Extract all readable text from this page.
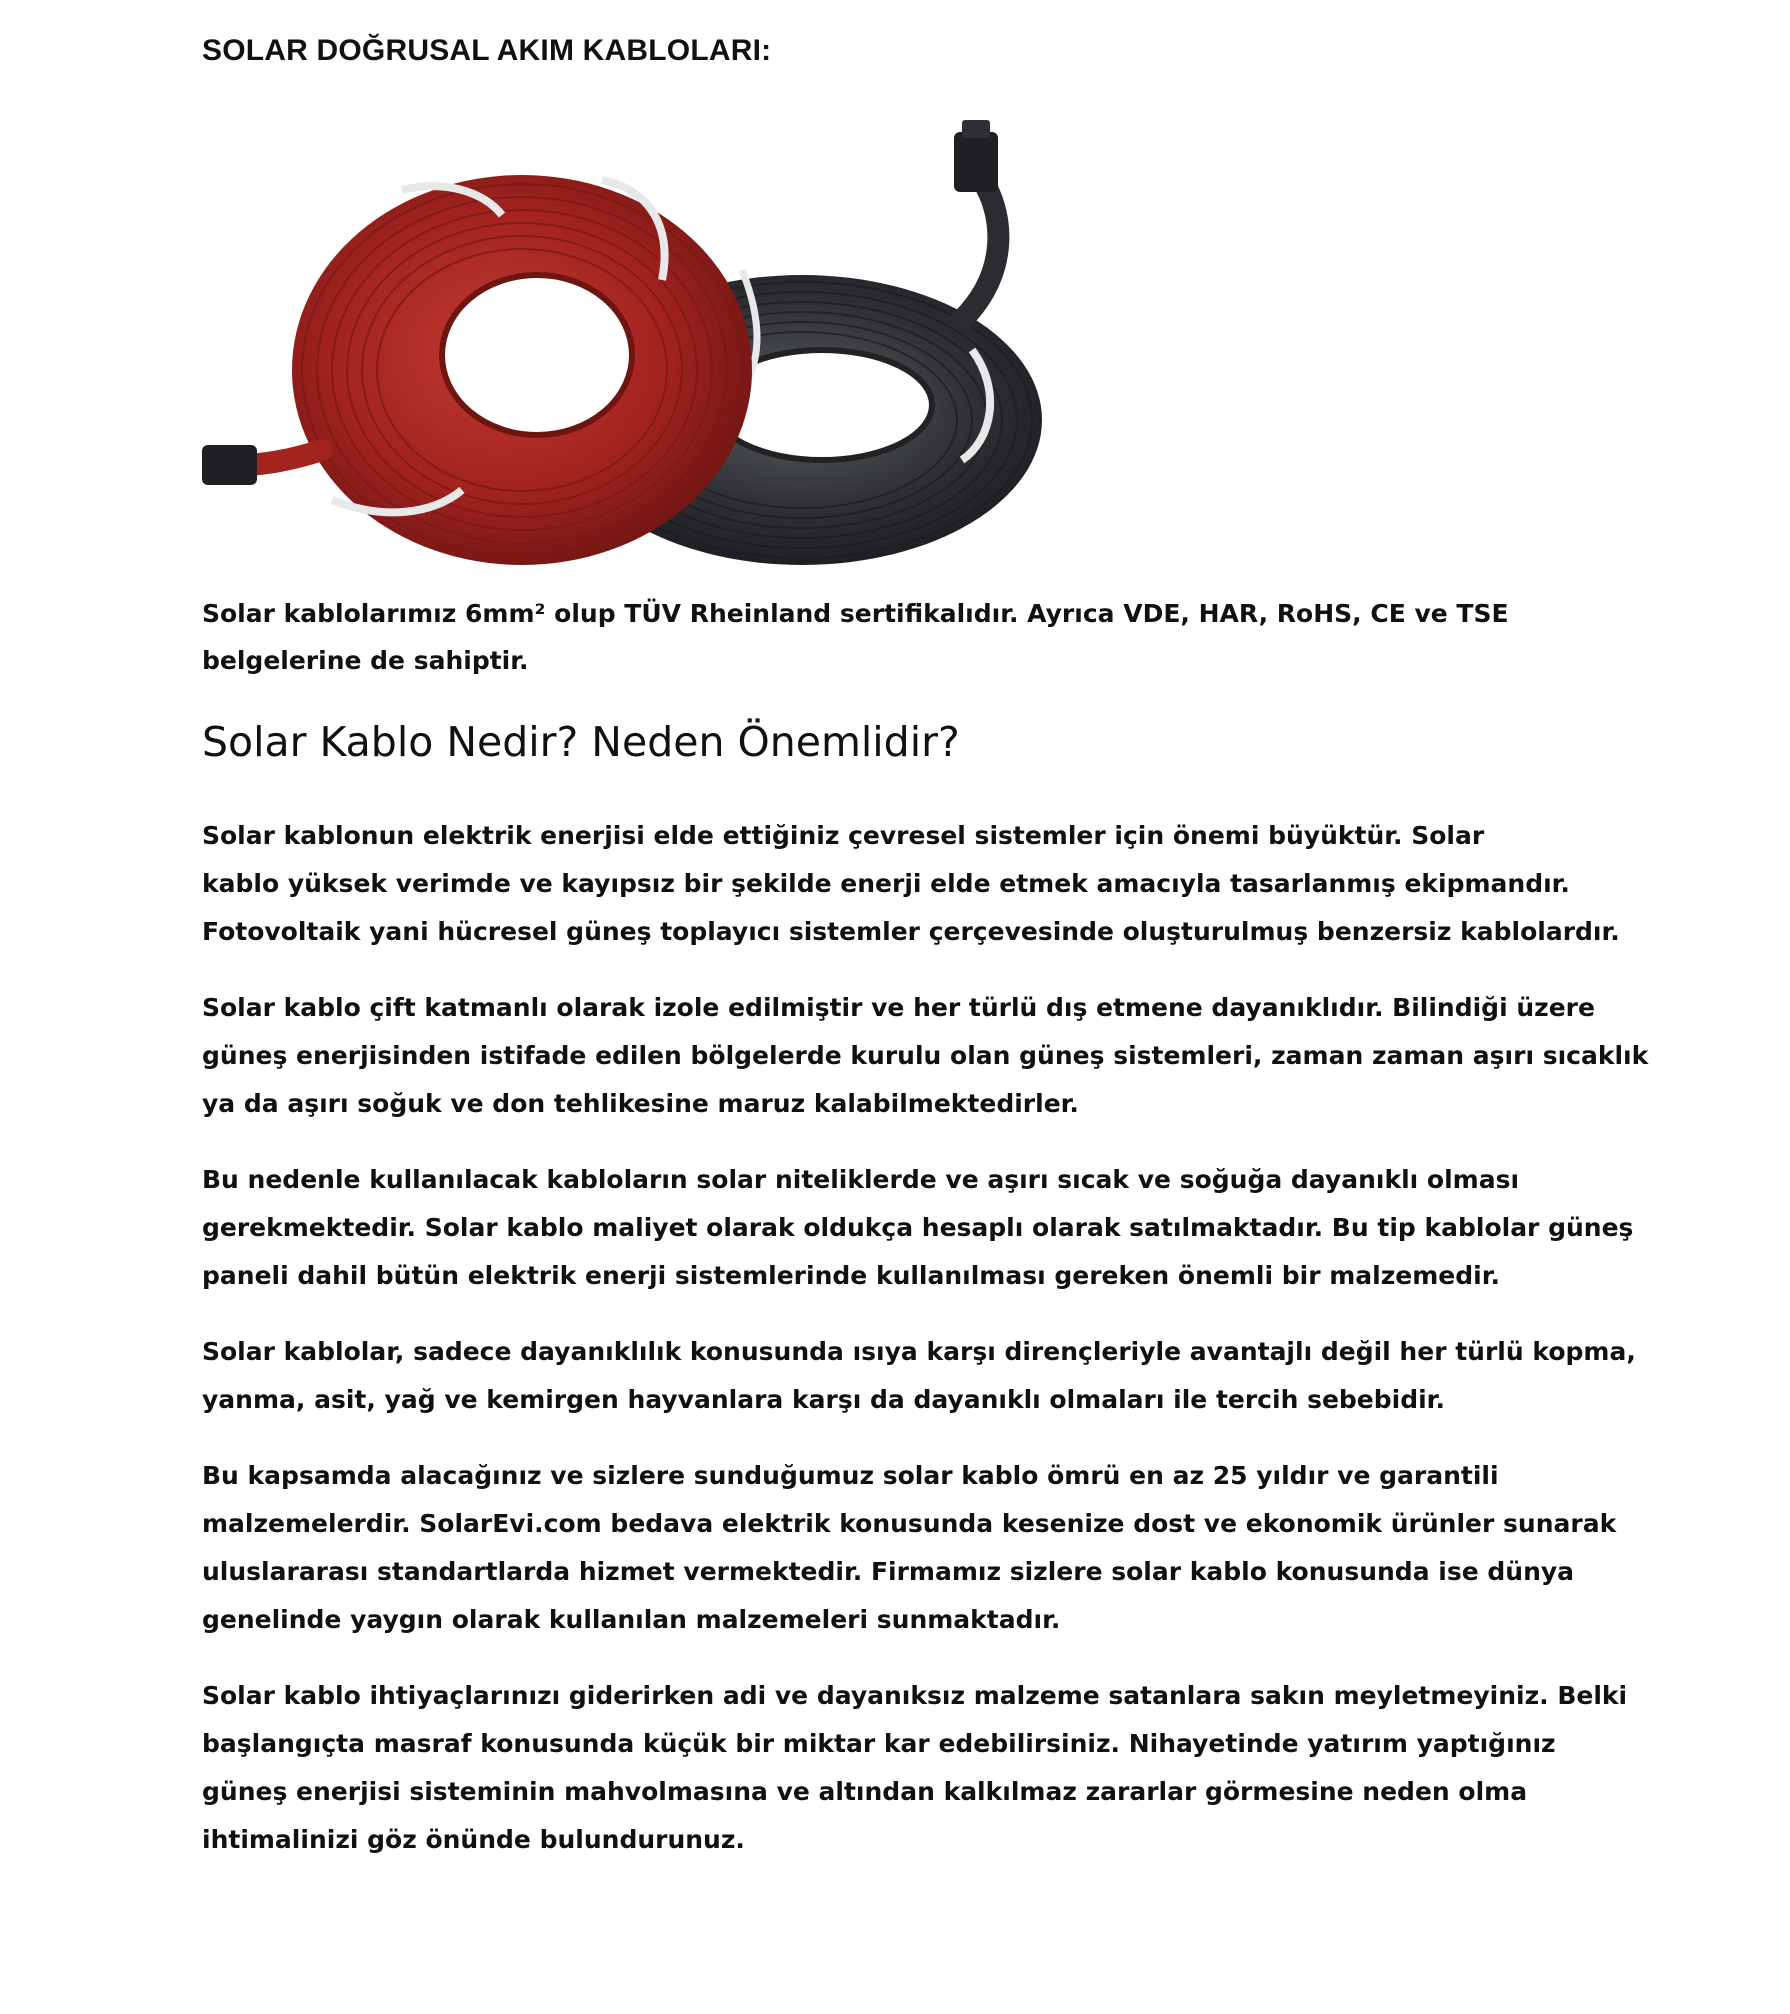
SOLAR DOĞRUSAL AKIM KABLOLARI:

Solar kablolarımız 6mm² olup TÜV Rheinland sertifikalıdır. Ayrıca VDE, HAR, RoHS, CE ve TSE
belgelerine de sahiptir.

Solar Kablo Nedir? Neden Önemlidir?

Solar kablonun elektrik enerjisi elde ettiğiniz çevresel sistemler için önemi büyüktür. Solar
kablo yüksek verimde ve kayıpsız bir şekilde enerji elde etmek amacıyla tasarlanmış ekipmandır.
Fotovoltaik yani hücresel güneş toplayıcı sistemler çerçevesinde oluşturulmuş benzersiz kablolardır.

Solar kablo çift katmanlı olarak izole edilmiştir ve her türlü dış etmene dayanıklıdır. Bilindiği üzere
güneş enerjisinden istifade edilen bölgelerde kurulu olan güneş sistemleri, zaman zaman aşırı sıcaklık
ya da aşırı soğuk ve don tehlikesine maruz kalabilmektedirler.

Bu nedenle kullanılacak kabloların solar niteliklerde ve aşırı sıcak ve soğuğa dayanıklı olması
gerekmektedir. Solar kablo maliyet olarak oldukça hesaplı olarak satılmaktadır. Bu tip kablolar güneş
paneli dahil bütün elektrik enerji sistemlerinde kullanılması gereken önemli bir malzemedir.

Solar kablolar, sadece dayanıklılık konusunda ısıya karşı dirençleriyle avantajlı değil her türlü kopma,
yanma, asit, yağ ve kemirgen hayvanlara karşı da dayanıklı olmaları ile tercih sebebidir.

Bu kapsamda alacağınız ve sizlere sunduğumuz solar kablo ömrü en az 25 yıldır ve garantili
malzemelerdir. SolarEvi.com bedava elektrik konusunda kesenize dost ve ekonomik ürünler sunarak
uluslararası standartlarda hizmet vermektedir. Firmamız sizlere solar kablo konusunda ise dünya
genelinde yaygın olarak kullanılan malzemeleri sunmaktadır.

Solar kablo ihtiyaçlarınızı giderirken adi ve dayanıksız malzeme satanlara sakın meyletmeyiniz. Belki
başlangıçta masraf konusunda küçük bir miktar kar edebilirsiniz. Nihayetinde yatırım yaptığınız
güneş enerjisi sisteminin mahvolmasına ve altından kalkılmaz zararlar görmesine neden olma
ihtimalinizi göz önünde bulundurunuz.
